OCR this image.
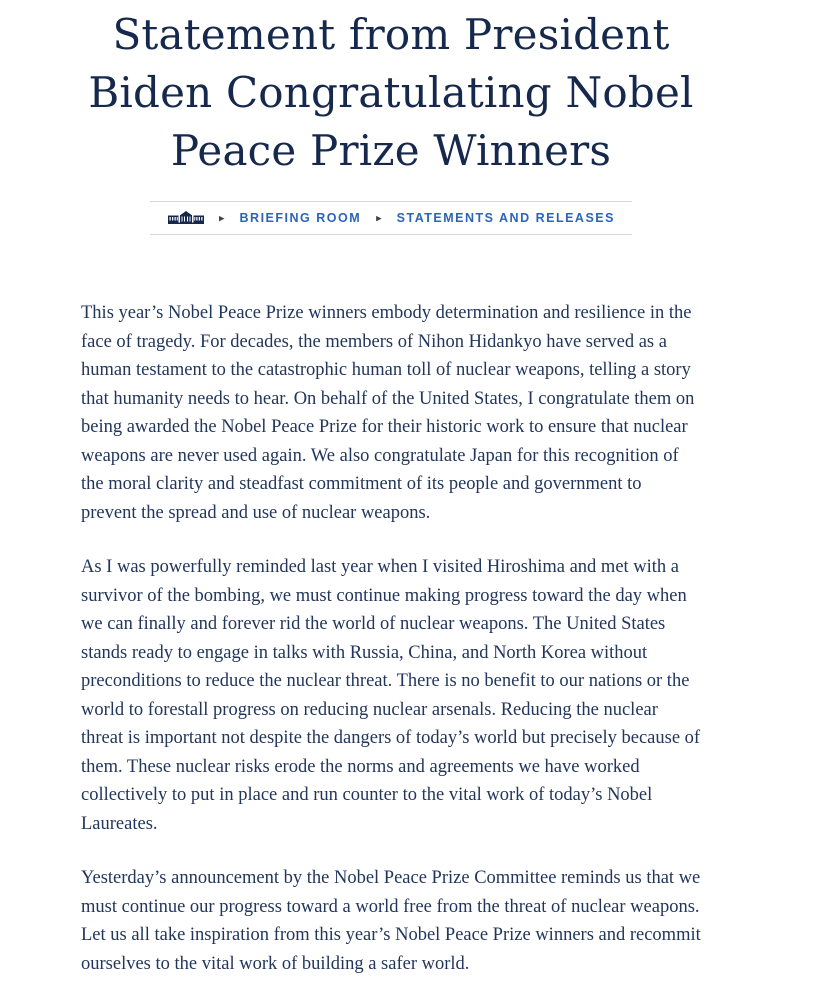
Statement from President Biden Congratulating Nobel Peace Prize Winners
▸ BRIEFING ROOM ▸ STATEMENTS AND RELEASES

This year’s Nobel Peace Prize winners embody determination and resilience in the face of tragedy. For decades, the members of Nihon Hidankyo have served as a human testament to the catastrophic human toll of nuclear weapons, telling a story that humanity needs to hear. On behalf of the United States, I congratulate them on being awarded the Nobel Peace Prize for their historic work to ensure that nuclear weapons are never used again. We also congratulate Japan for this recognition of the moral clarity and steadfast commitment of its people and government to prevent the spread and use of nuclear weapons.

As I was powerfully reminded last year when I visited Hiroshima and met with a survivor of the bombing, we must continue making progress toward the day when we can finally and forever rid the world of nuclear weapons. The United States stands ready to engage in talks with Russia, China, and North Korea without preconditions to reduce the nuclear threat. There is no benefit to our nations or the world to forestall progress on reducing nuclear arsenals. Reducing the nuclear threat is important not despite the dangers of today’s world but precisely because of them. These nuclear risks erode the norms and agreements we have worked collectively to put in place and run counter to the vital work of today’s Nobel Laureates.

Yesterday’s announcement by the Nobel Peace Prize Committee reminds us that we must continue our progress toward a world free from the threat of nuclear weapons. Let us all take inspiration from this year’s Nobel Peace Prize winners and recommit ourselves to the vital work of building a safer world.
